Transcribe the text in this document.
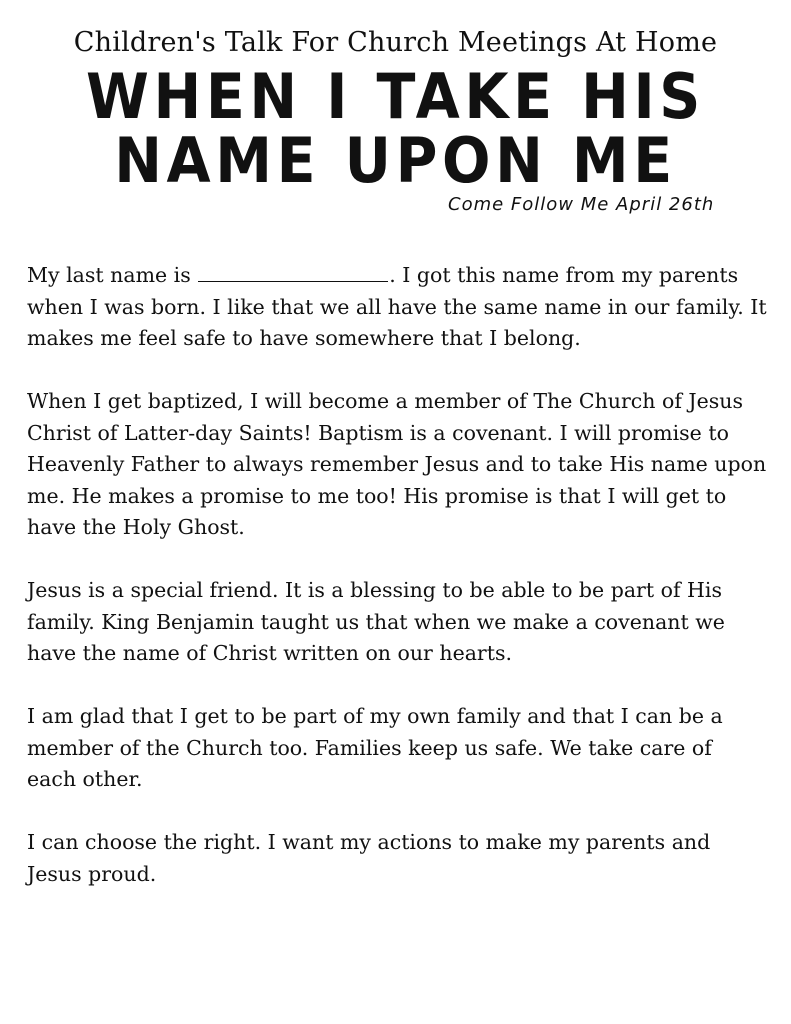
Children's Talk For Church Meetings At Home
WHEN I TAKE HIS
NAME UPON ME
Come Follow Me April 26th

My last name is	. I got this name from my parents when I was born. I like that we all have the same name in our family. It makes me feel safe to have somewhere that I belong.

When I get baptized, I will become a member of The Church of Jesus Christ of Latter-day Saints! Baptism is a covenant. I will promise to Heavenly Father to always remember Jesus and to take His name upon me. He makes a promise to me too! His promise is that I will get to have the Holy Ghost.

Jesus is a special friend. It is a blessing to be able to be part of His family. King Benjamin taught us that when we make a covenant we have the name of Christ written on our hearts.

I am glad that I get to be part of my own family and that I can be a member of the Church too. Families keep us safe. We take care of each other.

I can choose the right. I want my actions to make my parents and Jesus proud.
